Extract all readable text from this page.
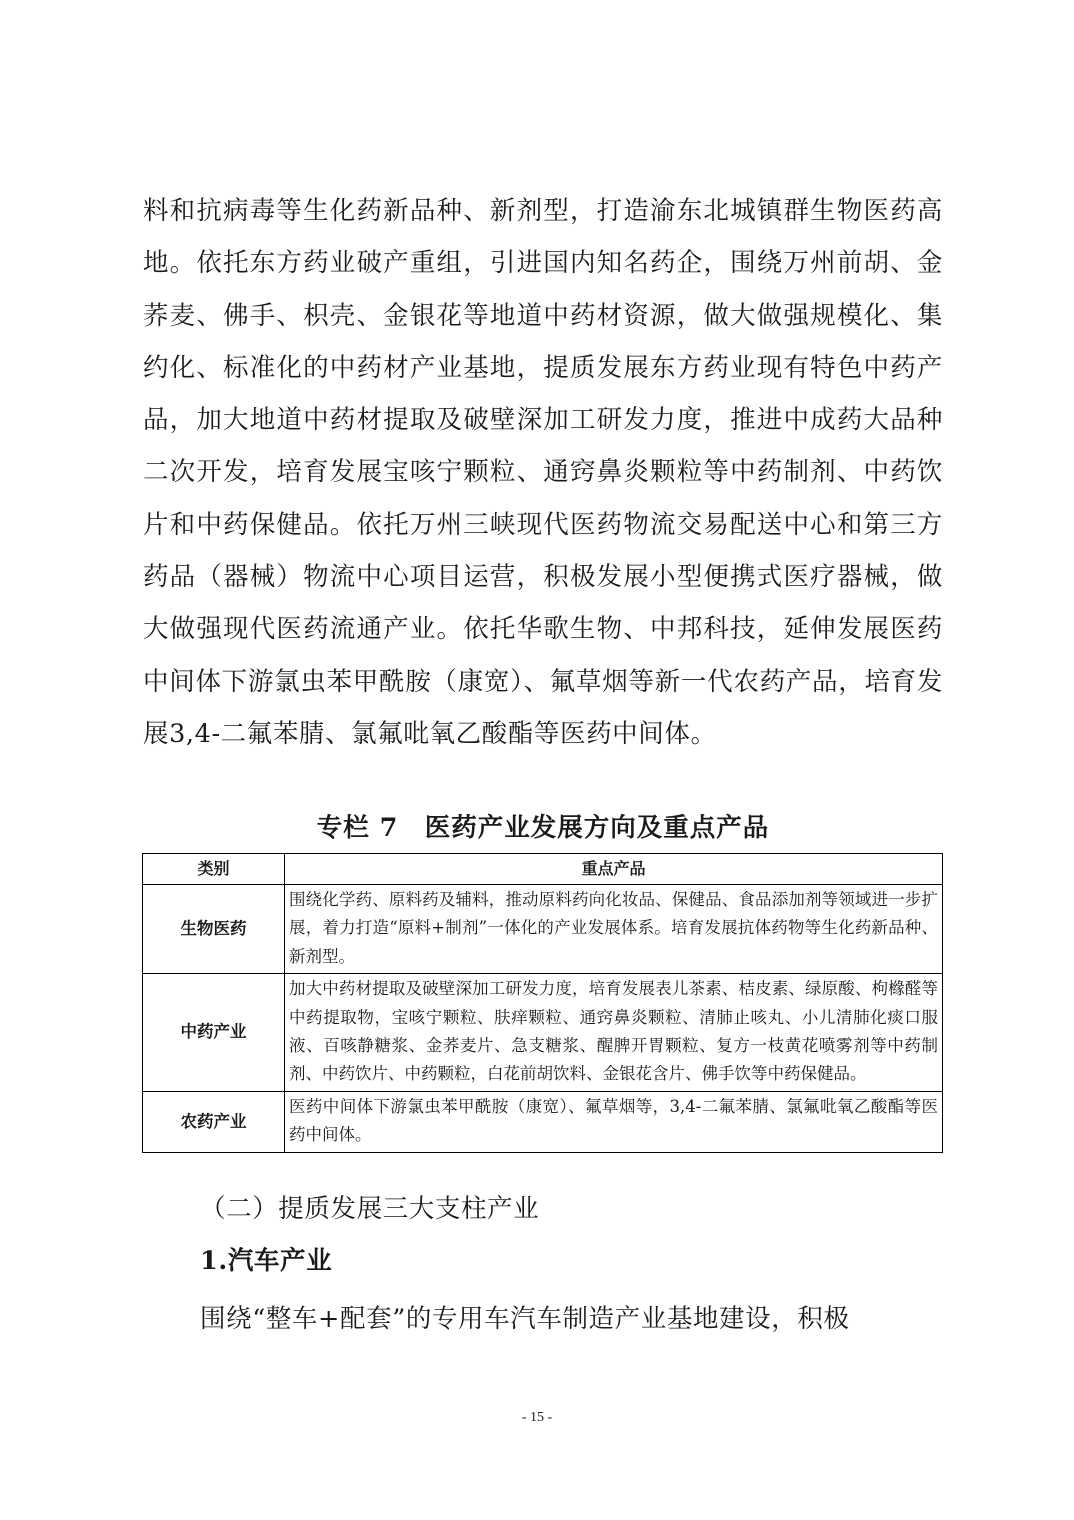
料和抗病毒等生化药新品种、新剂型，打造渝东北城镇群生物医药高地。依托东方药业破产重组，引进国内知名药企，围绕万州前胡、金荞麦、佛手、枳壳、金银花等地道中药材资源，做大做强规模化、集约化、标准化的中药材产业基地，提质发展东方药业现有特色中药产品，加大地道中药材提取及破壁深加工研发力度，推进中成药大品种二次开发，培育发展宝咳宁颗粒、通窍鼻炎颗粒等中药制剂、中药饮片和中药保健品。依托万州三峡现代医药物流交易配送中心和第三方药品（器械）物流中心项目运营，积极发展小型便携式医疗器械，做大做强现代医药流通产业。依托华歌生物、中邦科技，延伸发展医药中间体下游氯虫苯甲酰胺（康宽）、氟草烟等新一代农药产品，培育发展3,4-二氟苯腈、氯氟吡氧乙酸酯等医药中间体。

专栏 7　医药产业发展方向及重点产品
类别	重点产品
生物医药	围绕化学药、原料药及辅料，推动原料药向化妆品、保健品、食品添加剂等领域进一步扩展，着力打造“原料+制剂”一体化的产业发展体系。培育发展抗体药物等生化药新品种、新剂型。
中药产业	加大中药材提取及破壁深加工研发力度，培育发展表儿茶素、桔皮素、绿原酸、枸橼醛等中药提取物，宝咳宁颗粒、肤痒颗粒、通窍鼻炎颗粒、清肺止咳丸、小儿清肺化痰口服液、百咳静糖浆、金荞麦片、急支糖浆、醒脾开胃颗粒、复方一枝黄花喷雾剂等中药制剂、中药饮片、中药颗粒，白花前胡饮料、金银花含片、佛手饮等中药保健品。
农药产业	医药中间体下游氯虫苯甲酰胺（康宽）、氟草烟等，3,4-二氟苯腈、氯氟吡氧乙酸酯等医药中间体。
（二）提质发展三大支柱产业
1.汽车产业
围绕“整车+配套”的专用车汽车制造产业基地建设，积极
- 15 -
